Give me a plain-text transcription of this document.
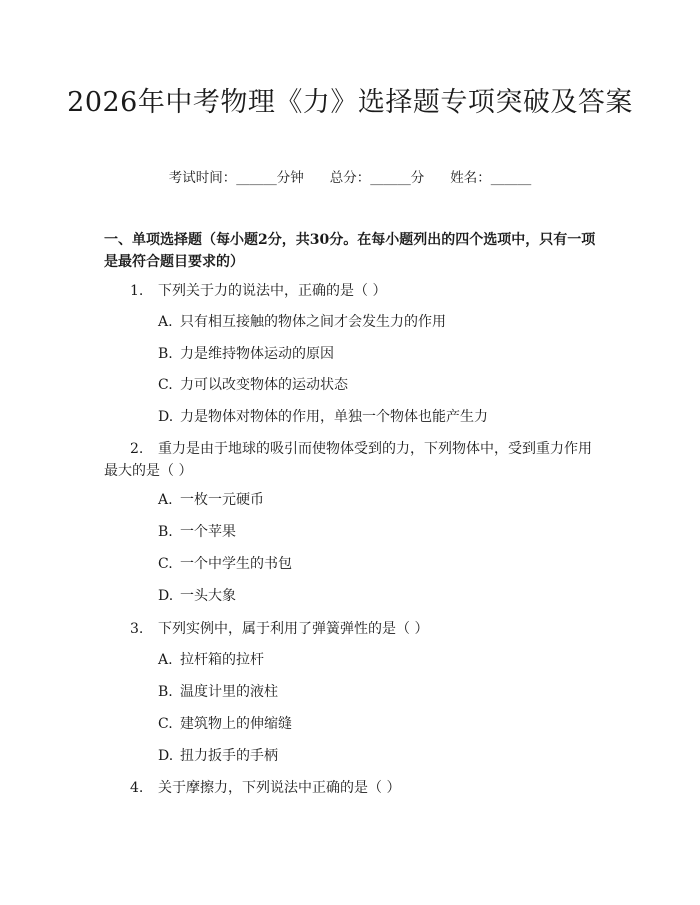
2026年中考物理《力》选择题专项突破及答案
考试时间：______分钟 总分：______分 姓名：______
一、单项选择题（每小题2分，共30分。在每小题列出的四个选项中，只有一项是最符合题目要求的）
1. 下列关于力的说法中，正确的是（ ）
A. 只有相互接触的物体之间才会发生力的作用
B. 力是维持物体运动的原因
C. 力可以改变物体的运动状态
D. 力是物体对物体的作用，单独一个物体也能产生力
2. 重力是由于地球的吸引而使物体受到的力，下列物体中，受到重力作用最大的是（ ）
A. 一枚一元硬币
B. 一个苹果
C. 一个中学生的书包
D. 一头大象
3. 下列实例中，属于利用了弹簧弹性的是（ ）
A. 拉杆箱的拉杆
B. 温度计里的液柱
C. 建筑物上的伸缩缝
D. 扭力扳手的手柄
4. 关于摩擦力，下列说法中正确的是（ ）
